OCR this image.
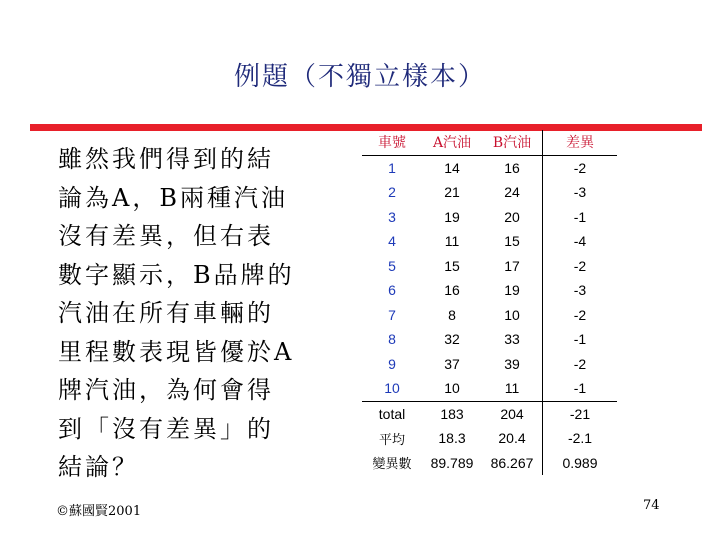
例題（不獨立樣本）
雖然我們得到的結
論為A，B兩種汽油
沒有差異，但右表
數字顯示，B品牌的
汽油在所有車輛的
里程數表現皆優於A
牌汽油，為何會得
到「沒有差異」的
結論？
車號	A汽油	B汽油	差異
1	14	16	-2
2	21	24	-3
3	19	20	-1
4	11	15	-4
5	15	17	-2
6	16	19	-3
7	8	10	-2
8	32	33	-1
9	37	39	-2
10	10	11	-1
total	183	204	-21
平均	18.3	20.4	-2.1
變異數	89.789	86.267	0.989
©蘇國賢2001	74
